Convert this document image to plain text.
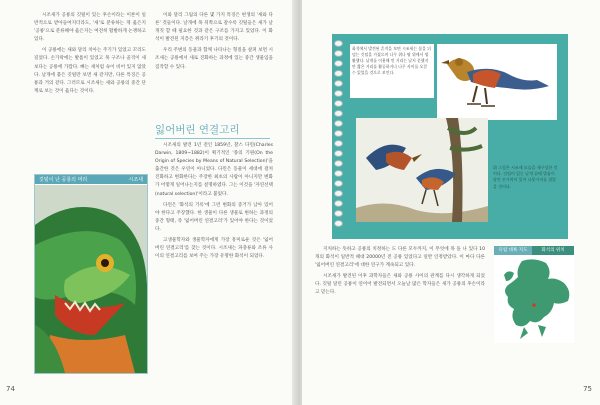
시조새가 공룡의 깃털이 있는 후손이라는 이론이 일반적으로 받아들여지더라도, '새'로 분류하는 게 옳은지 '공룡'으로 분류해야 옳은지는 여전히 활발하게 논쟁하고 있다.

이 공룡에는 새와 달리 치아는 주기가 있었고 꼬리도 길었다. 손가락에는 발톱이 있었고 목 구조나 골격이 새보다는 공룡에 가깝다. 뼈는 새처럼 속이 비어 있지 않았다. 날개에 붙은 깃털만 보면 새 같지만, 다른 특징은 공룡과 거의 같다. 그러므로 시조새는 새와 공룡의 중간 단계로 보는 것이 옳다는 것이다.

이와 달리 그림의 다른 몇 가지 특징은 현생의 '새와 다른' 것들이다. 날개에 목 뒤쪽으로 갈수록 깃털들은 새가 날개짓 할 때 필요한 것과 같은 구조를 가지고 있었다. 이 화석이 발견된 지층은 쥐라기 후기의 것이다.

우리 주변의 동물과 함께 나타나는 형질을 살펴 보면 시조새는 공룡에서 새로 진화하는 과정에 있는 중간 생물임을 짐작할 수 있다.

잃어버린 연결고리

시조새의 발견 1년 전인 1859년, 찰스 다윈(Charles Darwin, 1809~1882)이 획기적인 '종의 기원(On the Origin of Species by Means of Natural Selection)'을 출간한 것은 우연이 아니었다. 다윈은 동물이 세대에 걸쳐 진화하고 변화한다는 주장한 최초의 사람이 아니지만 변화가 어떻게 일어나는지를 설명하였다. 그는 이것을 '자연선택(natural selection)'이라고 불렀다.

다윈은 '화석의 기록'에 그런 변화의 증거가 남아 있어야 한다고 주장했다. 한 생물이 다른 생물로 변하는 과정의 중간 형태, 즉 '잃어버린 연결고리'가 있어야 한다는 것이었다.

고생물학자와 생물학자에게 가장 흥미로운 것은 '잃어버린 연결고리'를 찾는 것이다. 시조새는 파충류와 조류 사이의 연결고리를 보여 주는 가장 유명한 화석이 되었다.

깃털이 난 공룡의 머리	시조새
74	75
화석에서 발견된 흔적을 보면 시조새는 몸을 뒤덮는 깃털을 가졌으며 나무 위나 땅 위에서 생활했다. 날개를 이용해 먼 거리는 날지 못했지만 짧은 거리를 활공하거나 나무 사이를 오갈 수 있었을 것으로 보인다.
위 그림은 시조새 모습을 재구성한 것이다. 깃털이 있는 날개 끝에 발톱이 달린 손가락이 있어 나뭇가지를 잡았을 것이다.

지처하는 뜻하고 공룡의 치정하는 도 다른 모두까지, 이 무엇에 목 돌 나 있다 10개의 화석이 일반적 때대 20000년 전 공룡 있었다고 일반 인정받았다. 이 마다 다른 '잃어버린 연결고리'에 대한 연구가 계속되고 있다.

시조새가 발견된 이후 과학자들은 새와 공룡 사이의 관계를 다시 생각하게 되었다. 깃털 달린 공룡이 연이어 발견되면서 오늘날 많은 학자들은 새가 공룡의 후손이라고 믿는다.

유럽 대륙 지도	화석의 위치
